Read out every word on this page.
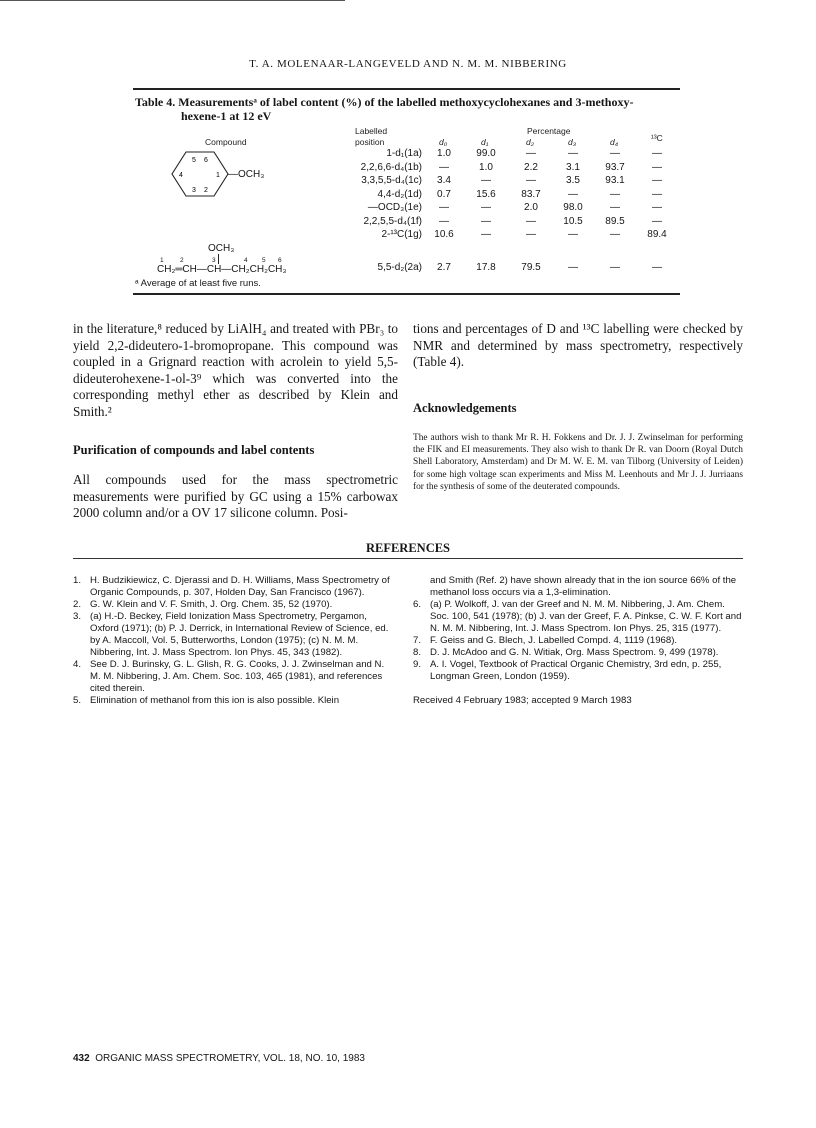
T. A. MOLENAAR-LANGEVELD AND N. M. M. NIBBERING
Table 4. Measurementsᵃ of label content (%) of the labelled methoxycyclohexanes and 3-methoxy-
hexene-1 at 12 eV
Compound
Labelled
position
Percentage
d₀	d₁	d₂	d₃	d₄	¹³C
5 6
4	1
3 2
—OCH₃
OCH₃
1	2	3	4 5 6
CH₂═CH—CH—CH₂CH₂CH₃
1-d₁(1a)	1.0	99.0	—	—	—	—
2,2,6,6-d₄(1b)	—	1.0	2.2	3.1	93.7	—
3,3,5,5-d₄(1c)	3.4	—	—	3.5	93.1	—
4,4-d₂(1d)	0.7	15.6	83.7	—	—	—
—OCD₃(1e)	—	—	2.0	98.0	—	—
2,2,5,5-d₄(1f)	—	—	—	10.5	89.5	—
2-¹³C(1g)	10.6	—	—	—	—	89.4
5,5-d₂(2a)	2.7	17.8	79.5	—	—	—
ᵃ Average of at least five runs.
in the literature,⁸ reduced by LiAlH₄ and treated with PBr₃ to yield 2,2-dideutero-1-bromopropane. This compound was coupled in a Grignard reaction with acrolein to yield 5,5-dideuterohexene-1-ol-3⁹ which was converted into the corresponding methyl ether as described by Klein and Smith.²
Purification of compounds and label contents
All compounds used for the mass spectrometric measurements were purified by GC using a 15% carbowax 2000 column and/or a OV 17 silicone column. Posi-
tions and percentages of D and ¹³C labelling were checked by NMR and determined by mass spectrometry, respectively (Table 4).
Acknowledgements
The authors wish to thank Mr R. H. Fokkens and Dr. J. J. Zwinselman for performing the FIK and EI measurements. They also wish to thank Dr R. van Doorn (Royal Dutch Shell Laboratory, Amsterdam) and Dr M. W. E. M. van Tilborg (University of Leiden) for some high voltage scan experiments and Miss M. Leenhouts and Mr J. J. Jurriaans for the synthesis of some of the deuterated compounds.
REFERENCES
1. H. Budzikiewicz, C. Djerassi and D. H. Williams, Mass Spectrometry of Organic Compounds, p. 307, Holden Day, San Francisco (1967).
2. G. W. Klein and V. F. Smith, J. Org. Chem. 35, 52 (1970).
3. (a) H.-D. Beckey, Field Ionization Mass Spectrometry, Pergamon, Oxford (1971); (b) P. J. Derrick, in International Review of Science, ed. by A. Maccoll, Vol. 5, Butterworths, London (1975); (c) N. M. M. Nibbering, Int. J. Mass Spectrom. Ion Phys. 45, 343 (1982).
4. See D. J. Burinsky, G. L. Glish, R. G. Cooks, J. J. Zwinselman and N. M. M. Nibbering, J. Am. Chem. Soc. 103, 465 (1981), and references cited therein.
5. Elimination of methanol from this ion is also possible. Klein
and Smith (Ref. 2) have shown already that in the ion source 66% of the methanol loss occurs via a 1,3-elimination.
6. (a) P. Wolkoff, J. van der Greef and N. M. M. Nibbering, J. Am. Chem. Soc. 100, 541 (1978); (b) J. van der Greef, F. A. Pinkse, C. W. F. Kort and N. M. M. Nibbering, Int. J. Mass Spectrom. Ion Phys. 25, 315 (1977).
7. F. Geiss and G. Blech, J. Labelled Compd. 4, 1119 (1968).
8. D. J. McAdoo and G. N. Witiak, Org. Mass Spectrom. 9, 499 (1978).
9. A. I. Vogel, Textbook of Practical Organic Chemistry, 3rd edn, p. 255, Longman Green, London (1959).
Received 4 February 1983; accepted 9 March 1983
432 ORGANIC MASS SPECTROMETRY, VOL. 18, NO. 10, 1983
